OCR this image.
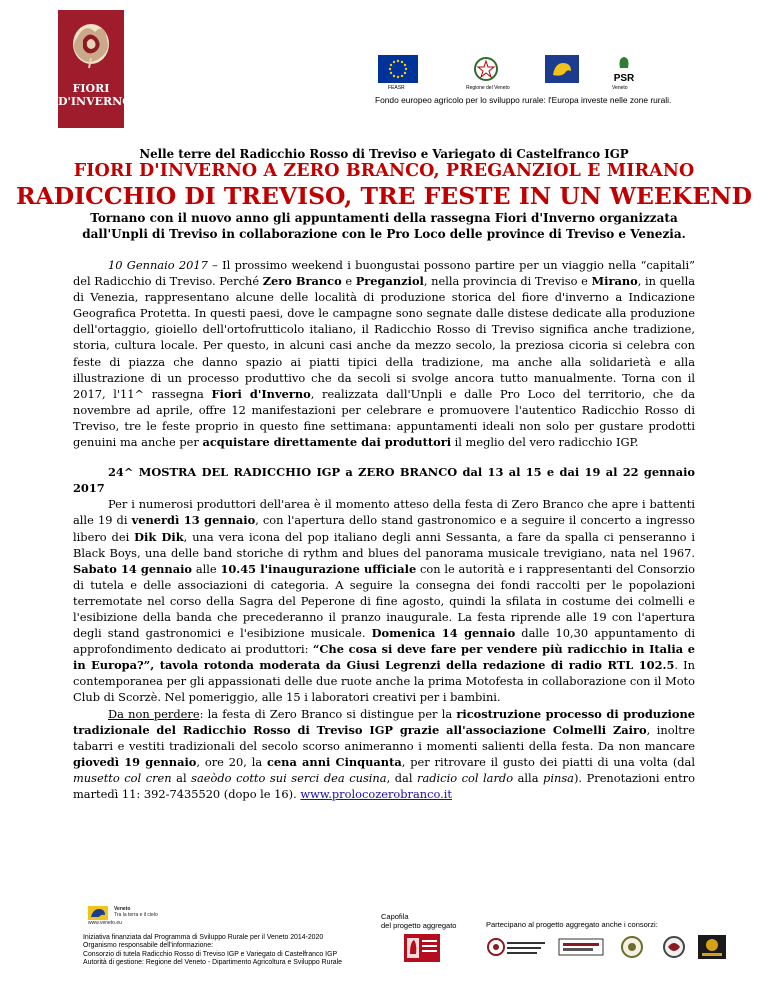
FIORI
D'INVERNO
FEASR	Regione del Veneto
PSR
Veneto
Fondo europeo agricolo per lo sviluppo rurale: l'Europa investe nelle zone rurali.
Nelle terre del Radicchio Rosso di Treviso e Variegato di Castelfranco IGP
FIORI D'INVERNO A ZERO BRANCO, PREGANZIOL E MIRANO
RADICCHIO DI TREVISO, TRE FESTE IN UN WEEKEND
Tornano con il nuovo anno gli appuntamenti della rassegna Fiori d'Inverno organizzata
dall'Unpli di Treviso in collaborazione con le Pro Loco delle province di Treviso e Venezia.

10 Gennaio 2017 – Il prossimo weekend i buongustai possono partire per un viaggio nella “capitali” del Radicchio di Treviso. Perché Zero Branco e Preganziol, nella provincia di Treviso e Mirano, in quella di Venezia, rappresentano alcune delle località di produzione storica del fiore d'inverno a Indicazione Geografica Protetta. In questi paesi, dove le campagne sono segnate dalle distese dedicate alla produzione dell'ortaggio, gioiello dell'ortofrutticolo italiano, il Radicchio Rosso di Treviso significa anche tradizione, storia, cultura locale. Per questo, in alcuni casi anche da mezzo secolo, la preziosa cicoria si celebra con feste di piazza che danno spazio ai piatti tipici della tradizione, ma anche alla solidarietà e alla illustrazione di un processo produttivo che da secoli si svolge ancora tutto manualmente. Torna con il 2017, l'11^ rassegna Fiori d'Inverno, realizzata dall'Unpli e dalle Pro Loco del territorio, che da novembre ad aprile, offre 12 manifestazioni per celebrare e promuovere l'autentico Radicchio Rosso di Treviso, tre le feste proprio in questo fine settimana: appuntamenti ideali non solo per gustare prodotti genuini ma anche per acquistare direttamente dai produttori il meglio del vero radicchio IGP.

24^ MOSTRA DEL RADICCHIO IGP a ZERO BRANCO dal 13 al 15 e dai 19 al 22 gennaio 2017

Per i numerosi produttori dell'area è il momento atteso della festa di Zero Branco che apre i battenti alle 19 di venerdì 13 gennaio, con l'apertura dello stand gastronomico e a seguire il concerto a ingresso libero dei Dik Dik, una vera icona del pop italiano degli anni Sessanta, a fare da spalla ci penseranno i Black Boys, una delle band storiche di rythm and blues del panorama musicale trevigiano, nata nel 1967. Sabato 14 gennaio alle 10.45 l'inaugurazione ufficiale con le autorità e i rappresentanti del Consorzio di tutela e delle associazioni di categoria. A seguire la consegna dei fondi raccolti per le popolazioni terremotate nel corso della Sagra del Peperone di fine agosto, quindi la sfilata in costume dei colmelli e l'esibizione della banda che precederanno il pranzo inaugurale. La festa riprende alle 19 con l'apertura degli stand gastronomici e l'esibizione musicale. Domenica 14 gennaio dalle 10,30 appuntamento di approfondimento dedicato ai produttori: “Che cosa si deve fare per vendere più radicchio in Italia e in Europa?”, tavola rotonda moderata da Giusi Legrenzi della redazione di radio RTL 102.5. In contemporanea per gli appassionati delle due ruote anche la prima Motofesta in collaborazione con il Moto Club di Scorzè. Nel pomeriggio, alle 15 i laboratori creativi per i bambini.

Da non perdere: la festa di Zero Branco si distingue per la ricostruzione processo di produzione tradizionale del Radicchio Rosso di Treviso IGP grazie all'associazione Colmelli Zairo, inoltre tabarri e vestiti tradizionali del secolo scorso animeranno i momenti salienti della festa. Da non mancare giovedì 19 gennaio, ore 20, la cena anni Cinquanta, per ritrovare il gusto dei piatti di una volta (dal musetto col cren al saeòdo cotto sui serci dea cusina, dal radicio col lardo alla pinsa). Prenotazioni entro martedì 11: 392-7435520 (dopo le 16). www.prolocozerobranco.it

Veneto
Tra la terra e il cielo
www.veneto.eu
Iniziativa finanziata dal Programma di Sviluppo Rurale per il Veneto 2014-2020
Organismo responsabile dell'informazione:
Consorzio di tutela Radicchio Rosso di Treviso IGP e Variegato di Castelfranco IGP
Autorità di gestione: Regione del Veneto - Dipartimento Agricoltura e Sviluppo Rurale
Capofila
del progetto aggregato	Partecipano al progetto aggregato anche i consorzi:
